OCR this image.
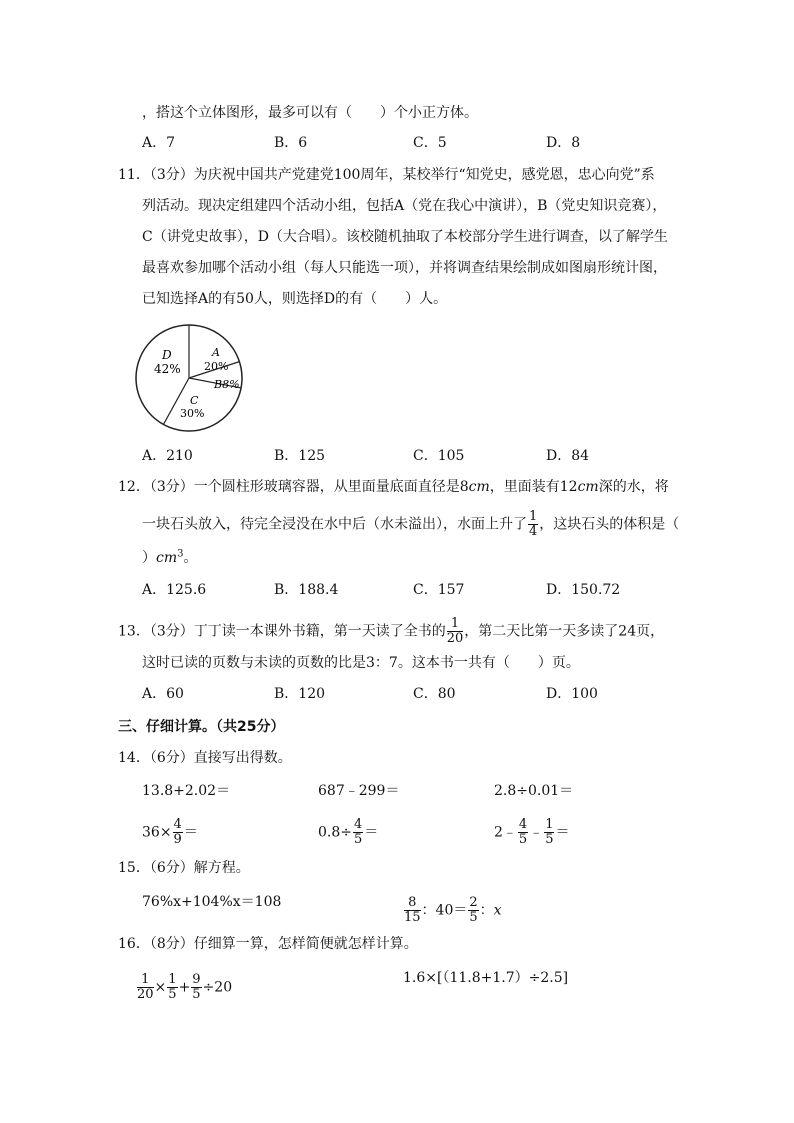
，搭这个立体图形，最多可以有（　　）个小正方体。
A．7	B．6	C．5	D．8
11．（3分）为庆祝中国共产党建党100周年，某校举行“知党史，感党恩，忠心向党”系
列活动。现决定组建四个活动小组，包括A（党在我心中演讲），B（党史知识竞赛），
C（讲党史故事），D（大合唱）。该校随机抽取了本校部分学生进行调查，以了解学生
最喜欢参加哪个活动小组（每人只能选一项），并将调查结果绘制成如图扇形统计图，
已知选择A的有50人，则选择D的有（　　）人。
D
42%
A
20%
B8%
C
30%
A．210	B．125	C．105	D．84
12．（3分）一个圆柱形玻璃容器，从里面量底面直径是8cm，里面装有12cm深的水，将
一块石头放入，待完全浸没在水中后（水未溢出），水面上升了 $\frac{1}{4}$ ，这块石头的体积是（
）$cm^3$。
A．125.6	B．188.4	C．157	D．150.72
13．（3分）丁丁读一本课外书籍，第一天读了全书的 $\frac{1}{20}$ ，第二天比第一天多读了24页，
这时已读的页数与未读的页数的比是3：7。这本书一共有（　　）页。
A．60	B．120	C．80	D．100
三、仔细计算。（共25分）
14．（6分）直接写出得数。
13.8+2.02＝	687﹣299＝	2.8÷0.01＝
$36\times \frac{4}{9}$ ＝	$0.8\div \frac{4}{5}$ ＝	2﹣ $\frac{4}{5}$ ﹣ $\frac{1}{5}$ ＝
15．（6分）解方程。
76%x+104%x＝108	$\frac{8}{15}$ ：$40= \frac{2}{5}$ ：x
16．（8分）仔细算一算，怎样简便就怎样计算。
$\frac{1}{20} \times \frac{1}{5} + \frac{9}{5} \div 20$
1.6×[（11.8+1.7）÷2.5]
